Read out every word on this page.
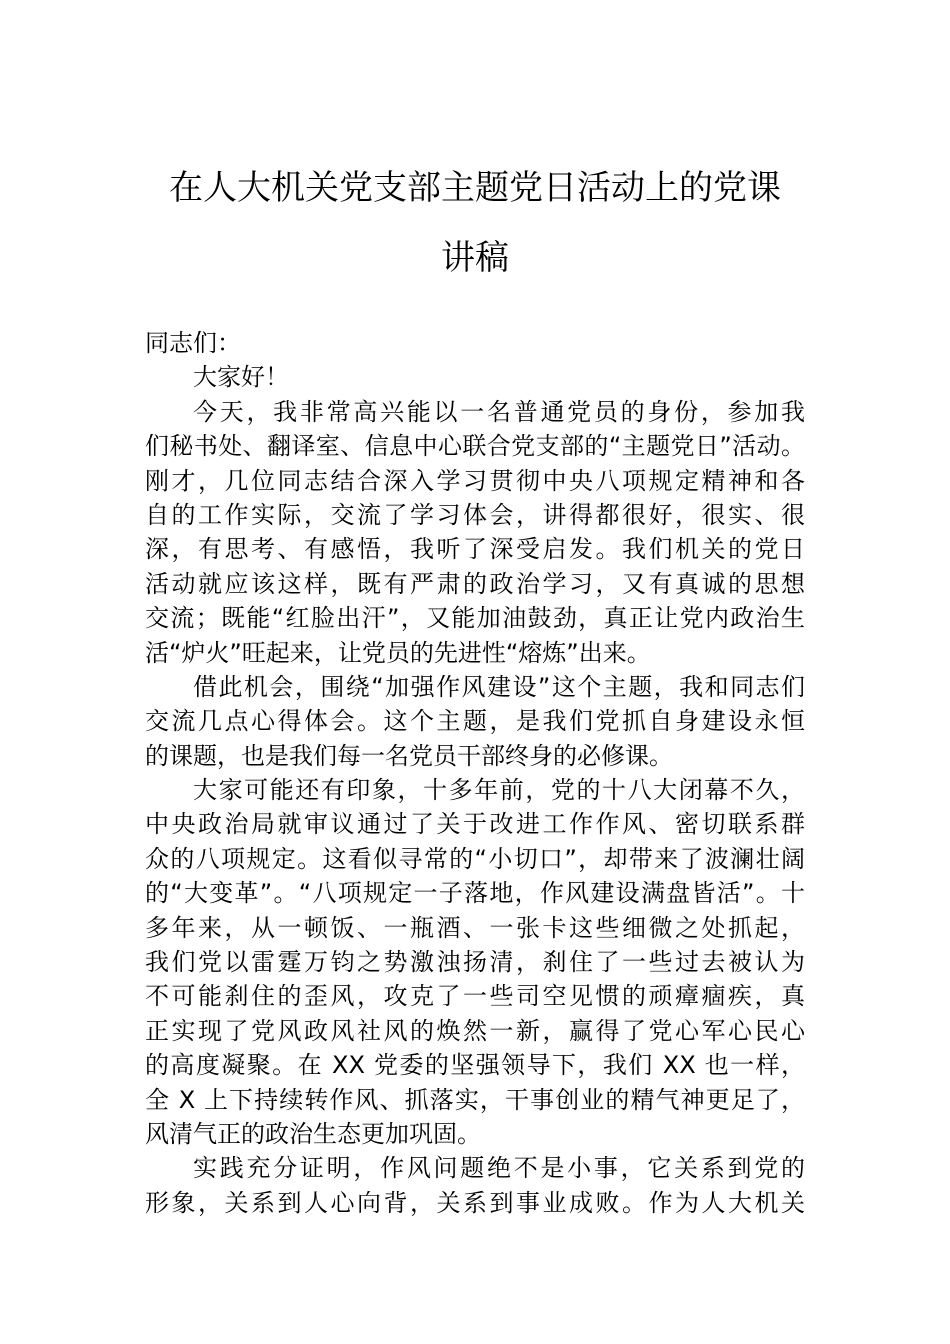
在人大机关党支部主题党日活动上的党课
讲稿
同志们：
大家好！
今天，我非常高兴能以一名普通党员的身份，参加我
们秘书处、翻译室、信息中心联合党支部的“主题党日”活动。
刚才，几位同志结合深入学习贯彻中央八项规定精神和各
自的工作实际，交流了学习体会，讲得都很好，很实、很
深，有思考、有感悟，我听了深受启发。我们机关的党日
活动就应该这样，既有严肃的政治学习，又有真诚的思想
交流；既能“红脸出汗”，又能加油鼓劲，真正让党内政治生
活“炉火”旺起来，让党员的先进性“熔炼”出来。
借此机会，围绕“加强作风建设”这个主题，我和同志们
交流几点心得体会。这个主题，是我们党抓自身建设永恒
的课题，也是我们每一名党员干部终身的必修课。
大家可能还有印象，十多年前，党的十八大闭幕不久，
中央政治局就审议通过了关于改进工作作风、密切联系群
众的八项规定。这看似寻常的“小切口”，却带来了波澜壮阔
的“大变革”。“八项规定一子落地，作风建设满盘皆活”。十
多年来，从一顿饭、一瓶酒、一张卡这些细微之处抓起，
我们党以雷霆万钧之势激浊扬清，刹住了一些过去被认为
不可能刹住的歪风，攻克了一些司空见惯的顽瘴痼疾，真
正实现了党风政风社风的焕然一新，赢得了党心军心民心
的高度凝聚。在 XX 党委的坚强领导下，我们 XX 也一样，
全 X 上下持续转作风、抓落实，干事创业的精气神更足了，
风清气正的政治生态更加巩固。
实践充分证明，作风问题绝不是小事，它关系到党的
形象，关系到人心向背，关系到事业成败。作为人大机关
